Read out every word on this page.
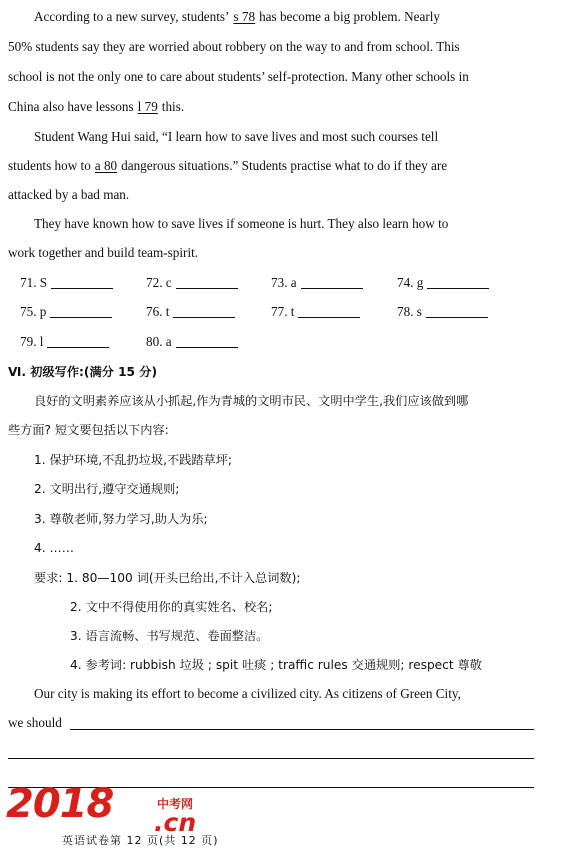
According to a new survey, students’ s 78 has become a big problem. Nearly
50% students say they are worried about robbery on the way to and from school. This
school is not the only one to care about students’ self-protection. Many other schools in
China also have lessons l 79 this.
Student Wang Hui said, “I learn how to save lives and most such courses tell
students how to a 80 dangerous situations.” Students practise what to do if they are
attacked by a bad man.
They have known how to save lives if someone is hurt. They also learn how to
work together and build team-spirit.
71. S	72. c	73. a	74. g
75. p	76. t	77. t	78. s
79. l	80. a
Ⅵ. 初级写作:(满分 15 分)
良好的文明素养应该从小抓起,作为青城的文明市民、文明中学生,我们应该做到哪
些方面? 短文要包括以下内容:
1. 保护环境,不乱扔垃圾,不践踏草坪;
2. 文明出行,遵守交通规则;
3. 尊敬老师,努力学习,助人为乐;
4. ……
要求: 1. 80—100 词(开头已给出,不计入总词数);
2. 文中不得使用你的真实姓名、校名;
3. 语言流畅、书写规范、卷面整洁。
4. 参考词: rubbish 垃圾 ; spit 吐痰 ; traffic rules 交通规则; respect 尊敬
Our city is making its effort to become a civilized city. As citizens of Green City,
we should
2018	中考网
.cn
英语试卷第 12 页(共 12 页)
